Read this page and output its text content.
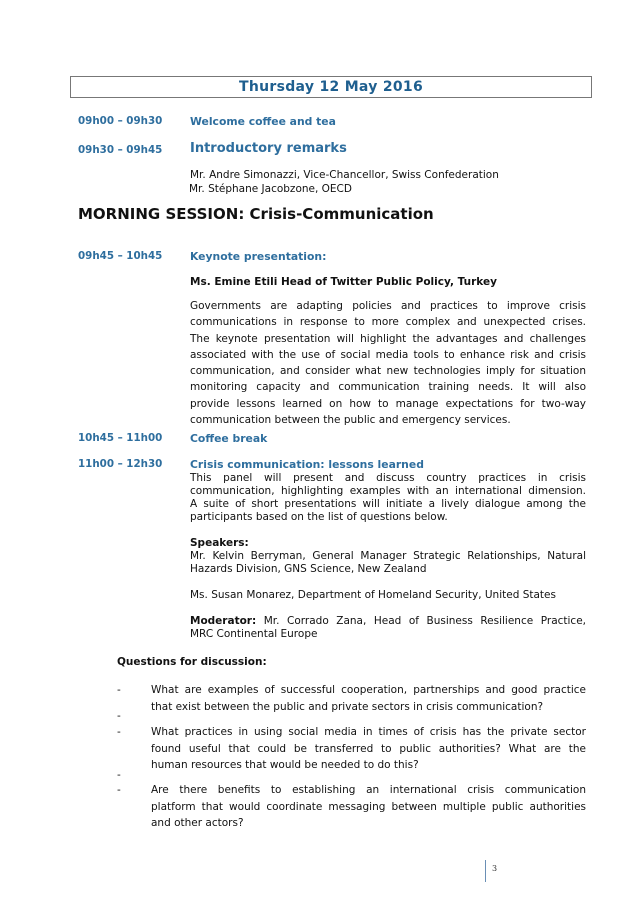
Thursday 12 May 2016
09h00 – 09h30	Welcome coffee and tea
09h30 – 09h45 Introductory remarks
Mr. Andre Simonazzi, Vice-Chancellor, Swiss Confederation
Mr. Stéphane Jacobzone, OECD
MORNING SESSION: Crisis-Communication
09h45 – 10h45	Keynote presentation:
Ms. Emine Etili Head of Twitter Public Policy, Turkey
Governments are adapting policies and practices to improve crisis
communications in response to more complex and unexpected crises.
The keynote presentation will highlight the advantages and challenges
associated with the use of social media tools to enhance risk and crisis
communication, and consider what new technologies imply for situation
monitoring capacity and communication training needs. It will also
provide lessons learned on how to manage expectations for two-way
communication between the public and emergency services.
10h45 – 11h00	Coffee break
11h00 – 12h30	Crisis communication: lessons learned
This panel will present and discuss country practices in crisis
communication, highlighting examples with an international dimension.
A suite of short presentations will initiate a lively dialogue among the
participants based on the list of questions below.
Speakers:
Mr. Kelvin Berryman, General Manager Strategic Relationships, Natural
Hazards Division, GNS Science, New Zealand
Ms. Susan Monarez, Department of Homeland Security, United States
Moderator: Mr. Corrado Zana, Head of Business Resilience Practice,
MRC Continental Europe
Questions for discussion:
-	What are examples of successful cooperation, partnerships and good practice
that exist between the public and private sectors in crisis communication?
-
-	What practices in using social media in times of crisis has the private sector
found useful that could be transferred to public authorities? What are the
human resources that would be needed to do this?
-
-	Are there benefits to establishing an international crisis communication
platform that would coordinate messaging between multiple public authorities
and other actors?
3
